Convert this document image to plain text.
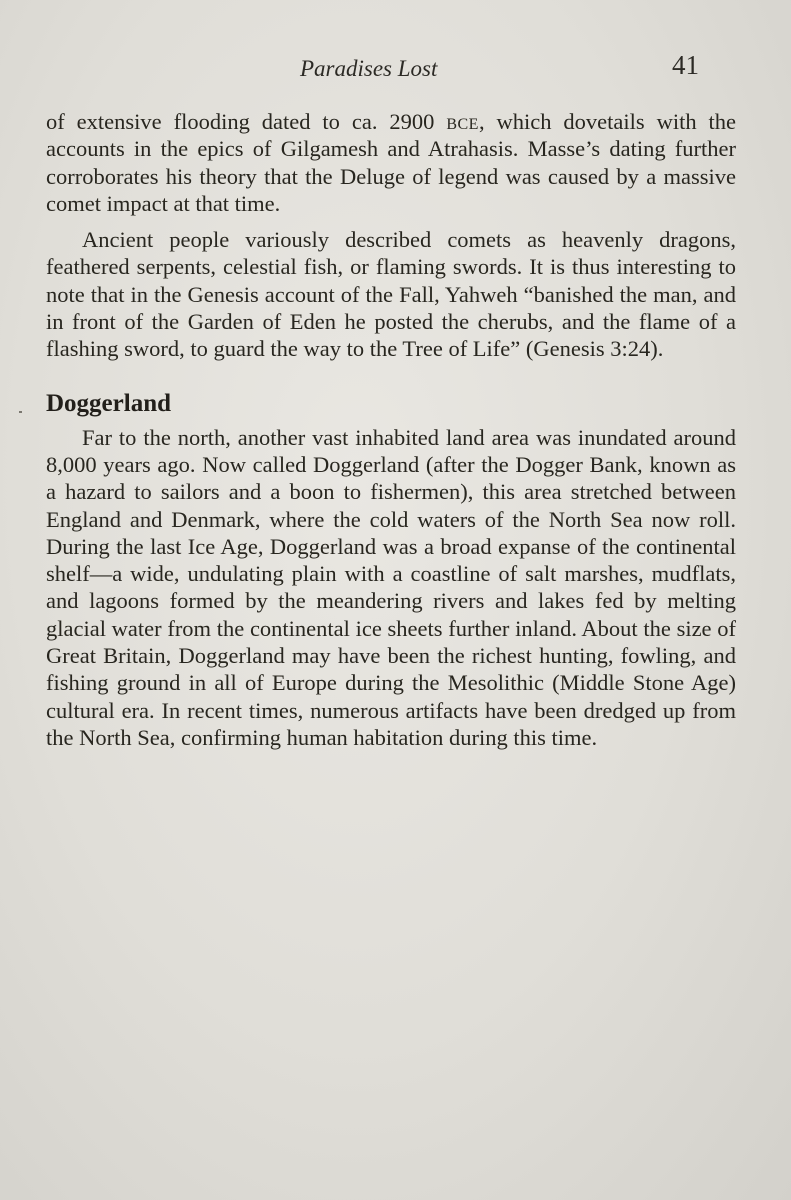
Paradises Lost	41

of extensive flooding dated to ca. 2900 bce, which dovetails with the accounts in the epics of Gilgamesh and Atrahasis. Masse’s dating further corroborates his theory that the Deluge of legend was caused by a massive comet impact at that time.

Ancient people variously described comets as heavenly dragons, feathered serpents, celestial fish, or flaming swords. It is thus interesting to note that in the Genesis account of the Fall, Yahweh “banished the man, and in front of the Garden of Eden he posted the cherubs, and the flame of a flashing sword, to guard the way to the Tree of Life” (Genesis 3:24).

Doggerland

Far to the north, another vast inhabited land area was inundated around 8,000 years ago. Now called Doggerland (after the Dogger Bank, known as a hazard to sailors and a boon to fishermen), this area stretched between England and Denmark, where the cold waters of the North Sea now roll. During the last Ice Age, Doggerland was a broad expanse of the continental shelf—a wide, undulating plain with a coastline of salt marshes, mudflats, and lagoons formed by the meandering rivers and lakes fed by melting glacial water from the continental ice sheets further inland. About the size of Great Britain, Doggerland may have been the richest hunting, fowling, and fishing ground in all of Europe during the Mesolithic (Middle Stone Age) cultural era. In recent times, numerous artifacts have been dredged up from the North Sea, confirming human habitation during this time.
